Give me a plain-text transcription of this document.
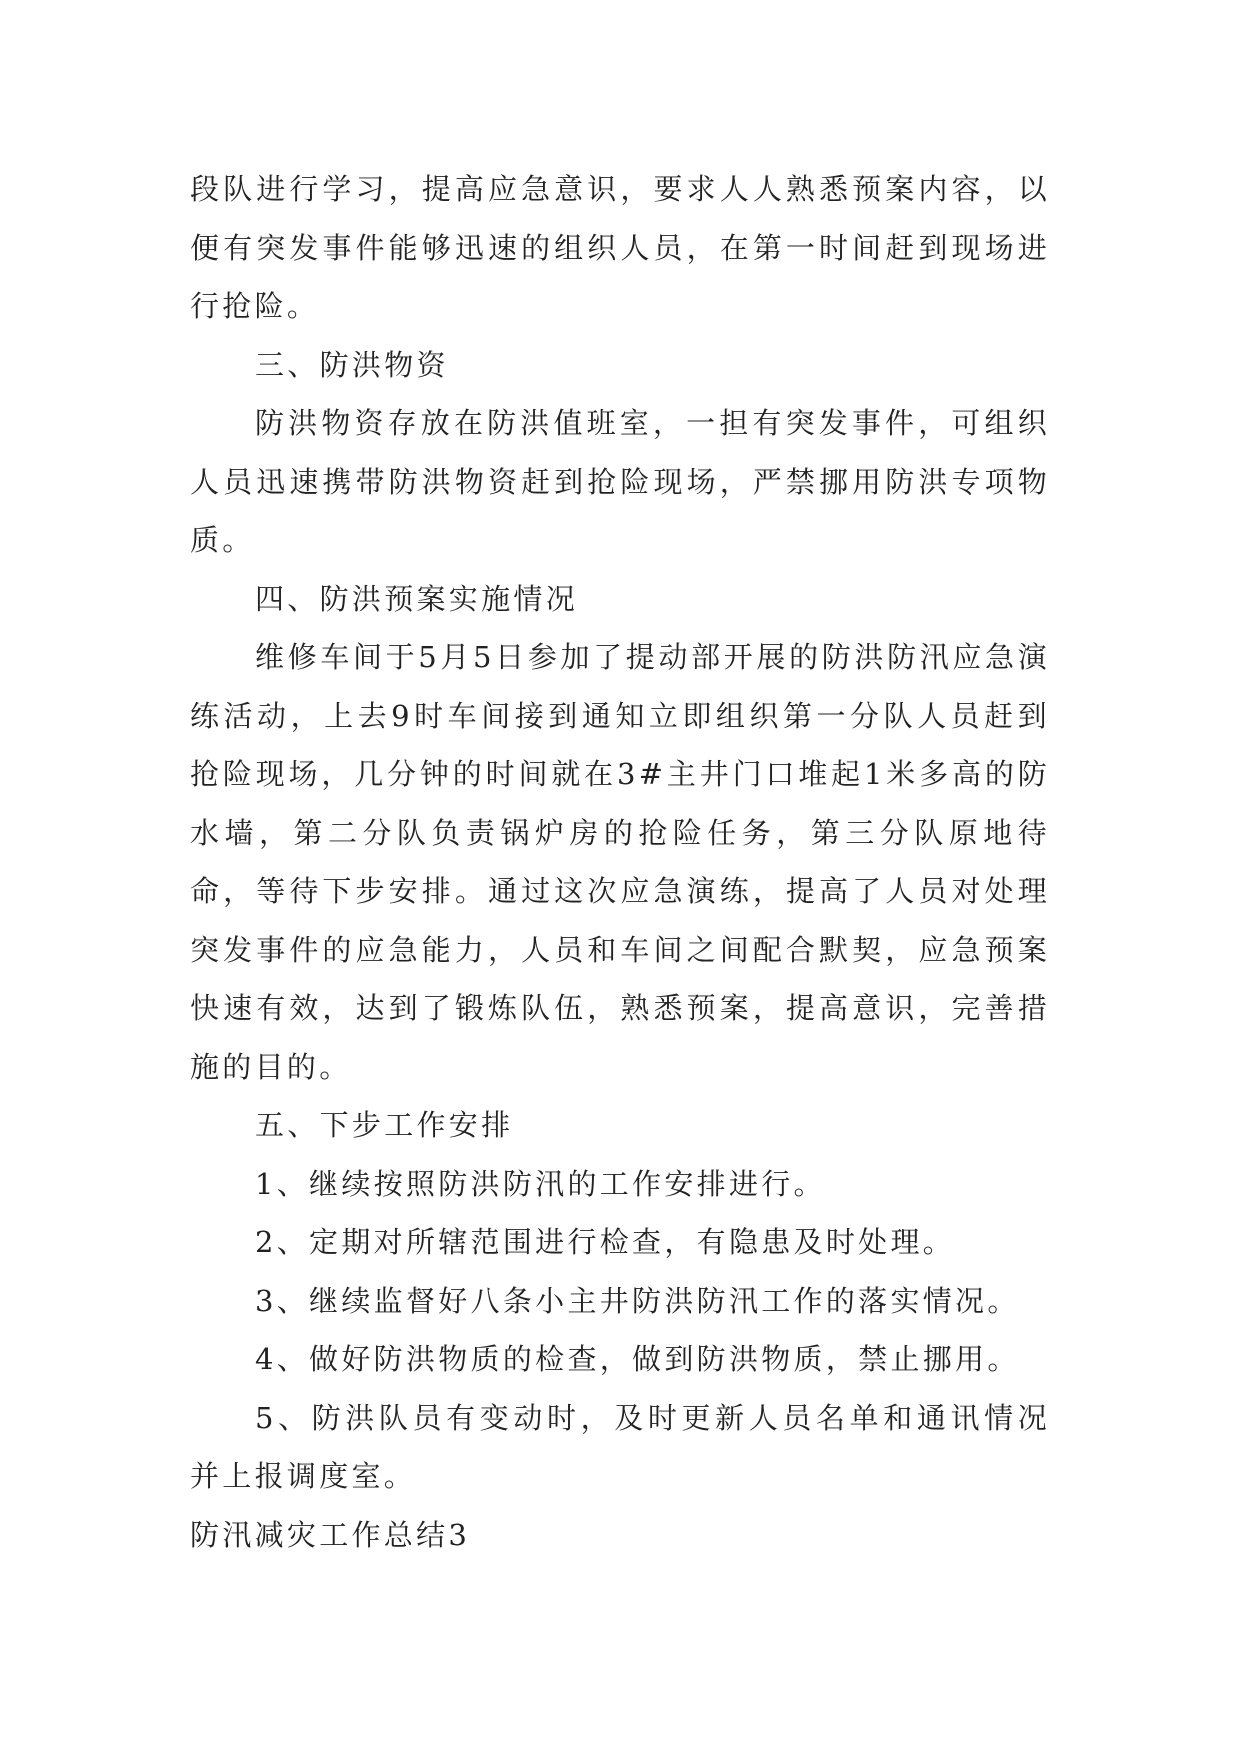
段队进行学习，提高应急意识，要求人人熟悉预案内容，以便有突发事件能够迅速的组织人员，在第一时间赶到现场进行抢险。

三、防洪物资

防洪物资存放在防洪值班室，一担有突发事件，可组织人员迅速携带防洪物资赶到抢险现场，严禁挪用防洪专项物质。

四、防洪预案实施情况

维修车间于5月5日参加了提动部开展的防洪防汛应急演练活动，上去9时车间接到通知立即组织第一分队人员赶到抢险现场，几分钟的时间就在3#主井门口堆起1米多高的防水墙，第二分队负责锅炉房的抢险任务，第三分队原地待命，等待下步安排。通过这次应急演练，提高了人员对处理突发事件的应急能力，人员和车间之间配合默契，应急预案快速有效，达到了锻炼队伍，熟悉预案，提高意识，完善措施的目的。

五、下步工作安排

1、继续按照防洪防汛的工作安排进行。

2、定期对所辖范围进行检查，有隐患及时处理。

3、继续监督好八条小主井防洪防汛工作的落实情况。

4、做好防洪物质的检查，做到防洪物质，禁止挪用。

5、防洪队员有变动时，及时更新人员名单和通讯情况并上报调度室。

防汛减灾工作总结3
